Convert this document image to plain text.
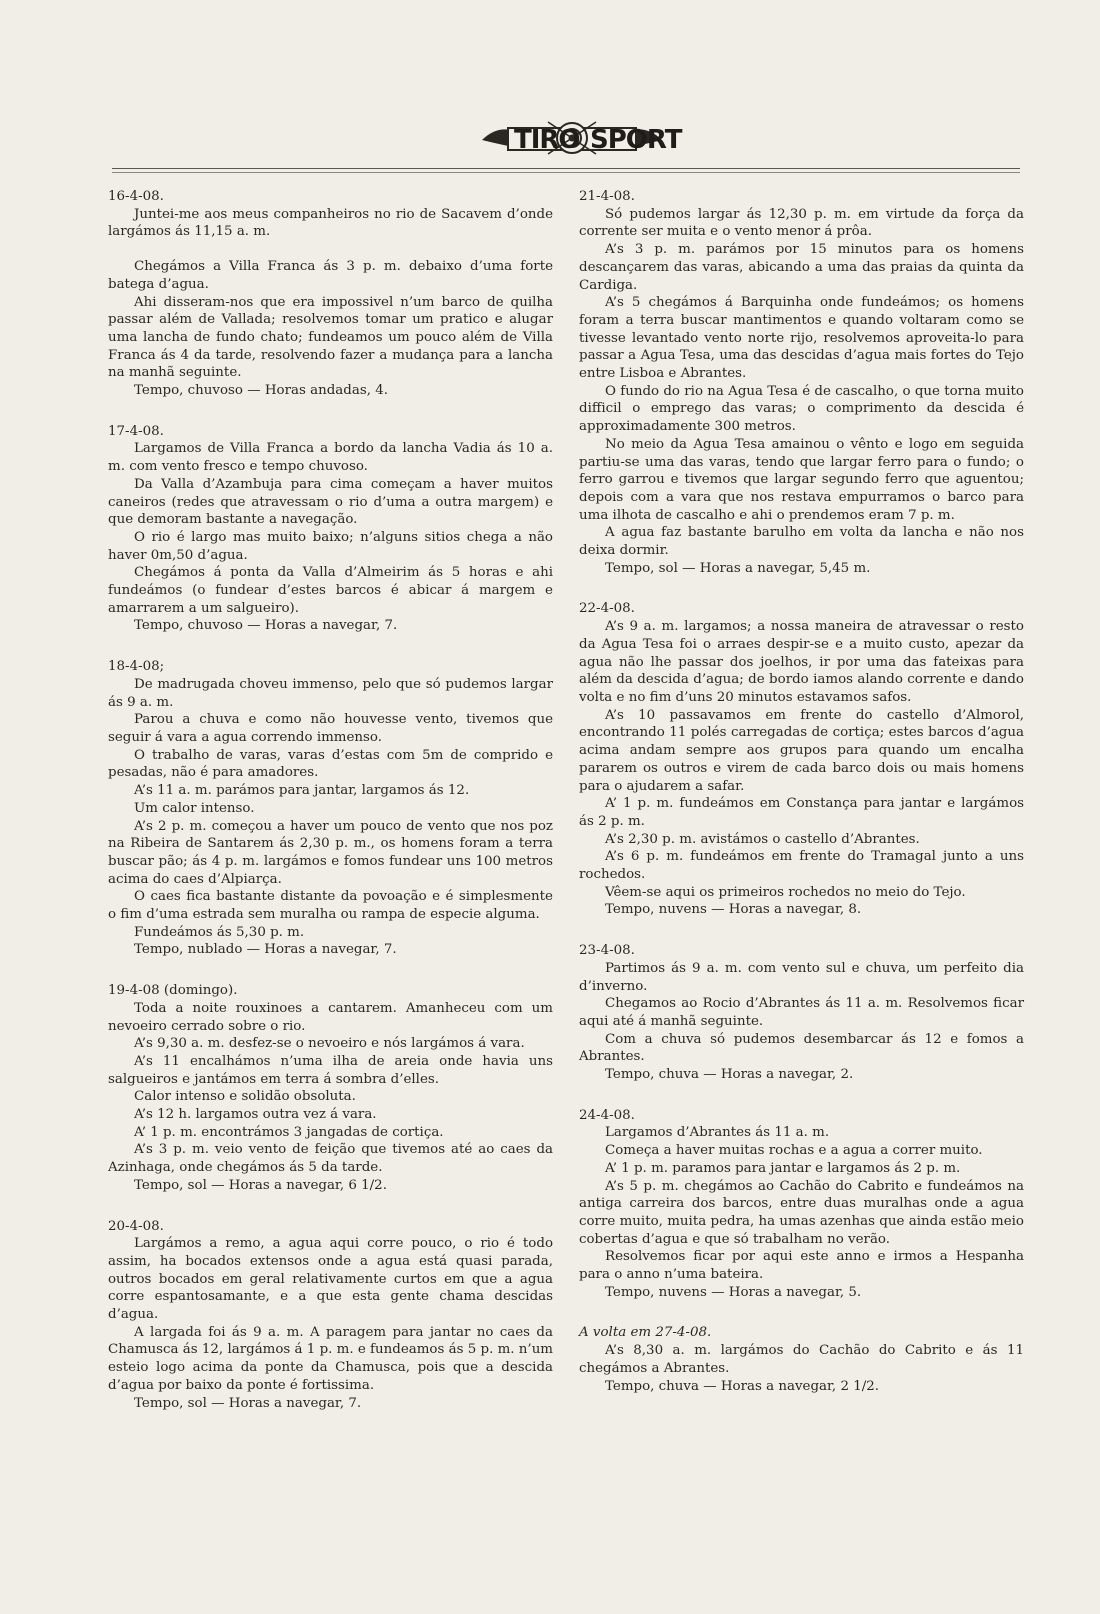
TIRO SPORT
16-4-08.
Juntei-me aos meus companheiros no rio de Sacavem d’onde largámos ás 11,15 a. m.
Chegámos a Villa Franca ás 3 p. m. debaixo d’uma forte batega d’agua.
Ahi disseram-nos que era impossivel n’um barco de quilha passar além de Vallada; resolvemos tomar um pratico e alugar uma lancha de fundo chato; fundeamos um pouco além de Villa Franca ás 4 da tarde, resolvendo fazer a mudança para a lancha na manhã seguinte.
Tempo, chuvoso — Horas andadas, 4.
17-4-08.
Largamos de Villa Franca a bordo da lancha Vadia ás 10 a. m. com vento fresco e tempo chuvoso.
Da Valla d’Azambuja para cima começam a haver muitos caneiros (redes que atravessam o rio d’uma a outra margem) e que demoram bastante a navegação.
O rio é largo mas muito baixo; n’alguns sitios chega a não haver 0m,50 d’agua.
Chegámos á ponta da Valla d’Almeirim ás 5 horas e ahi fundeámos (o fundear d’estes barcos é abicar á margem e amarrarem a um salgueiro).
Tempo, chuvoso — Horas a navegar, 7.
18-4-08;
De madrugada choveu immenso, pelo que só pudemos largar ás 9 a. m.
Parou a chuva e como não houvesse vento, tivemos que seguir á vara a agua correndo immenso.
O trabalho de varas, varas d’estas com 5m de comprido e pesadas, não é para amadores.
A’s 11 a. m. parámos para jantar, largamos ás 12.
Um calor intenso.
A’s 2 p. m. começou a haver um pouco de vento que nos poz na Ribeira de Santarem ás 2,30 p. m., os homens foram a terra buscar pão; ás 4 p. m. largámos e fomos fundear uns 100 metros acima do caes d’Alpiarça.
O caes fica bastante distante da povoação e é simplesmente o fim d’uma estrada sem muralha ou rampa de especie alguma.
Fundeámos ás 5,30 p. m.
Tempo, nublado — Horas a navegar, 7.
19-4-08 (domingo).
Toda a noite rouxinoes a cantarem. Amanheceu com um nevoeiro cerrado sobre o rio.
A’s 9,30 a. m. desfez-se o nevoeiro e nós largámos á vara.
A’s 11 encalhámos n’uma ilha de areia onde havia uns salgueiros e jantámos em terra á sombra d’elles.
Calor intenso e solidão obsoluta.
A’s 12 h. largamos outra vez á vara.
A’ 1 p. m. encontrámos 3 jangadas de cortiça.
A’s 3 p. m. veio vento de feição que tivemos até ao caes da Azinhaga, onde chegámos ás 5 da tarde.
Tempo, sol — Horas a navegar, 6 1/2.
20-4-08.
Largámos a remo, a agua aqui corre pouco, o rio é todo assim, ha bocados extensos onde a agua está quasi parada, outros bocados em geral relativamente curtos em que a agua corre espantosamante, e a que esta gente chama descidas d’agua.
A largada foi ás 9 a. m. A paragem para jantar no caes da Chamusca ás 12, largámos á 1 p. m. e fundeamos ás 5 p. m. n’um esteio logo acima da ponte da Chamusca, pois que a descida d’agua por baixo da ponte é fortissima.
Tempo, sol — Horas a navegar, 7.
21-4-08.
Só pudemos largar ás 12,30 p. m. em virtude da força da corrente ser muita e o vento menor á prôa.
A’s 3 p. m. parámos por 15 minutos para os homens descançarem das varas, abicando a uma das praias da quinta da Cardiga.
A’s 5 chegámos á Barquinha onde fundeámos; os homens foram a terra buscar mantimentos e quando voltaram como se tivesse levantado vento norte rijo, resolvemos aproveita-lo para passar a Agua Tesa, uma das descidas d’agua mais fortes do Tejo entre Lisboa e Abrantes.
O fundo do rio na Agua Tesa é de cascalho, o que torna muito difficil o emprego das varas; o comprimento da descida é approximadamente 300 metros.
No meio da Agua Tesa amainou o vênto e logo em seguida partiu-se uma das varas, tendo que largar ferro para o fundo; o ferro garrou e tivemos que largar segundo ferro que aguentou; depois com a vara que nos restava empurramos o barco para uma ilhota de cascalho e ahi o prendemos eram 7 p. m.
A agua faz bastante barulho em volta da lancha e não nos deixa dormir.
Tempo, sol — Horas a navegar, 5,45 m.
22-4-08.
A’s 9 a. m. largamos; a nossa maneira de atravessar o resto da Agua Tesa foi o arraes despir-se e a muito custo, apezar da agua não lhe passar dos joelhos, ir por uma das fateixas para além da descida d’agua; de bordo iamos alando corrente e dando volta e no fim d’uns 20 minutos estavamos safos.
A’s 10 passavamos em frente do castello d’Almorol, encontrando 11 polés carregadas de cortiça; estes barcos d’agua acima andam sempre aos grupos para quando um encalha pararem os outros e virem de cada barco dois ou mais homens para o ajudarem a safar.
A’ 1 p. m. fundeámos em Constança para jantar e largámos ás 2 p. m.
A’s 2,30 p. m. avistámos o castello d’Abrantes.
A’s 6 p. m. fundeámos em frente do Tramagal junto a uns rochedos.
Vêem-se aqui os primeiros rochedos no meio do Tejo.
Tempo, nuvens — Horas a navegar, 8.
23-4-08.
Partimos ás 9 a. m. com vento sul e chuva, um perfeito dia d’inverno.
Chegamos ao Rocio d’Abrantes ás 11 a. m. Resolvemos ficar aqui até á manhã seguinte.
Com a chuva só pudemos desembarcar ás 12 e fomos a Abrantes.
Tempo, chuva — Horas a navegar, 2.
24-4-08.
Largamos d’Abrantes ás 11 a. m.
Começa a haver muitas rochas e a agua a correr muito.
A’ 1 p. m. paramos para jantar e largamos ás 2 p. m.
A’s 5 p. m. chegámos ao Cachão do Cabrito e fundeámos na antiga carreira dos barcos, entre duas muralhas onde a agua corre muito, muita pedra, ha umas azenhas que ainda estão meio cobertas d’agua e que só trabalham no verão.
Resolvemos ficar por aqui este anno e irmos a Hespanha para o anno n’uma bateira.
Tempo, nuvens — Horas a navegar, 5.
A volta em 27-4-08.
A’s 8,30 a. m. largámos do Cachão do Cabrito e ás 11 chegámos a Abrantes.
Tempo, chuva — Horas a navegar, 2 1/2.
